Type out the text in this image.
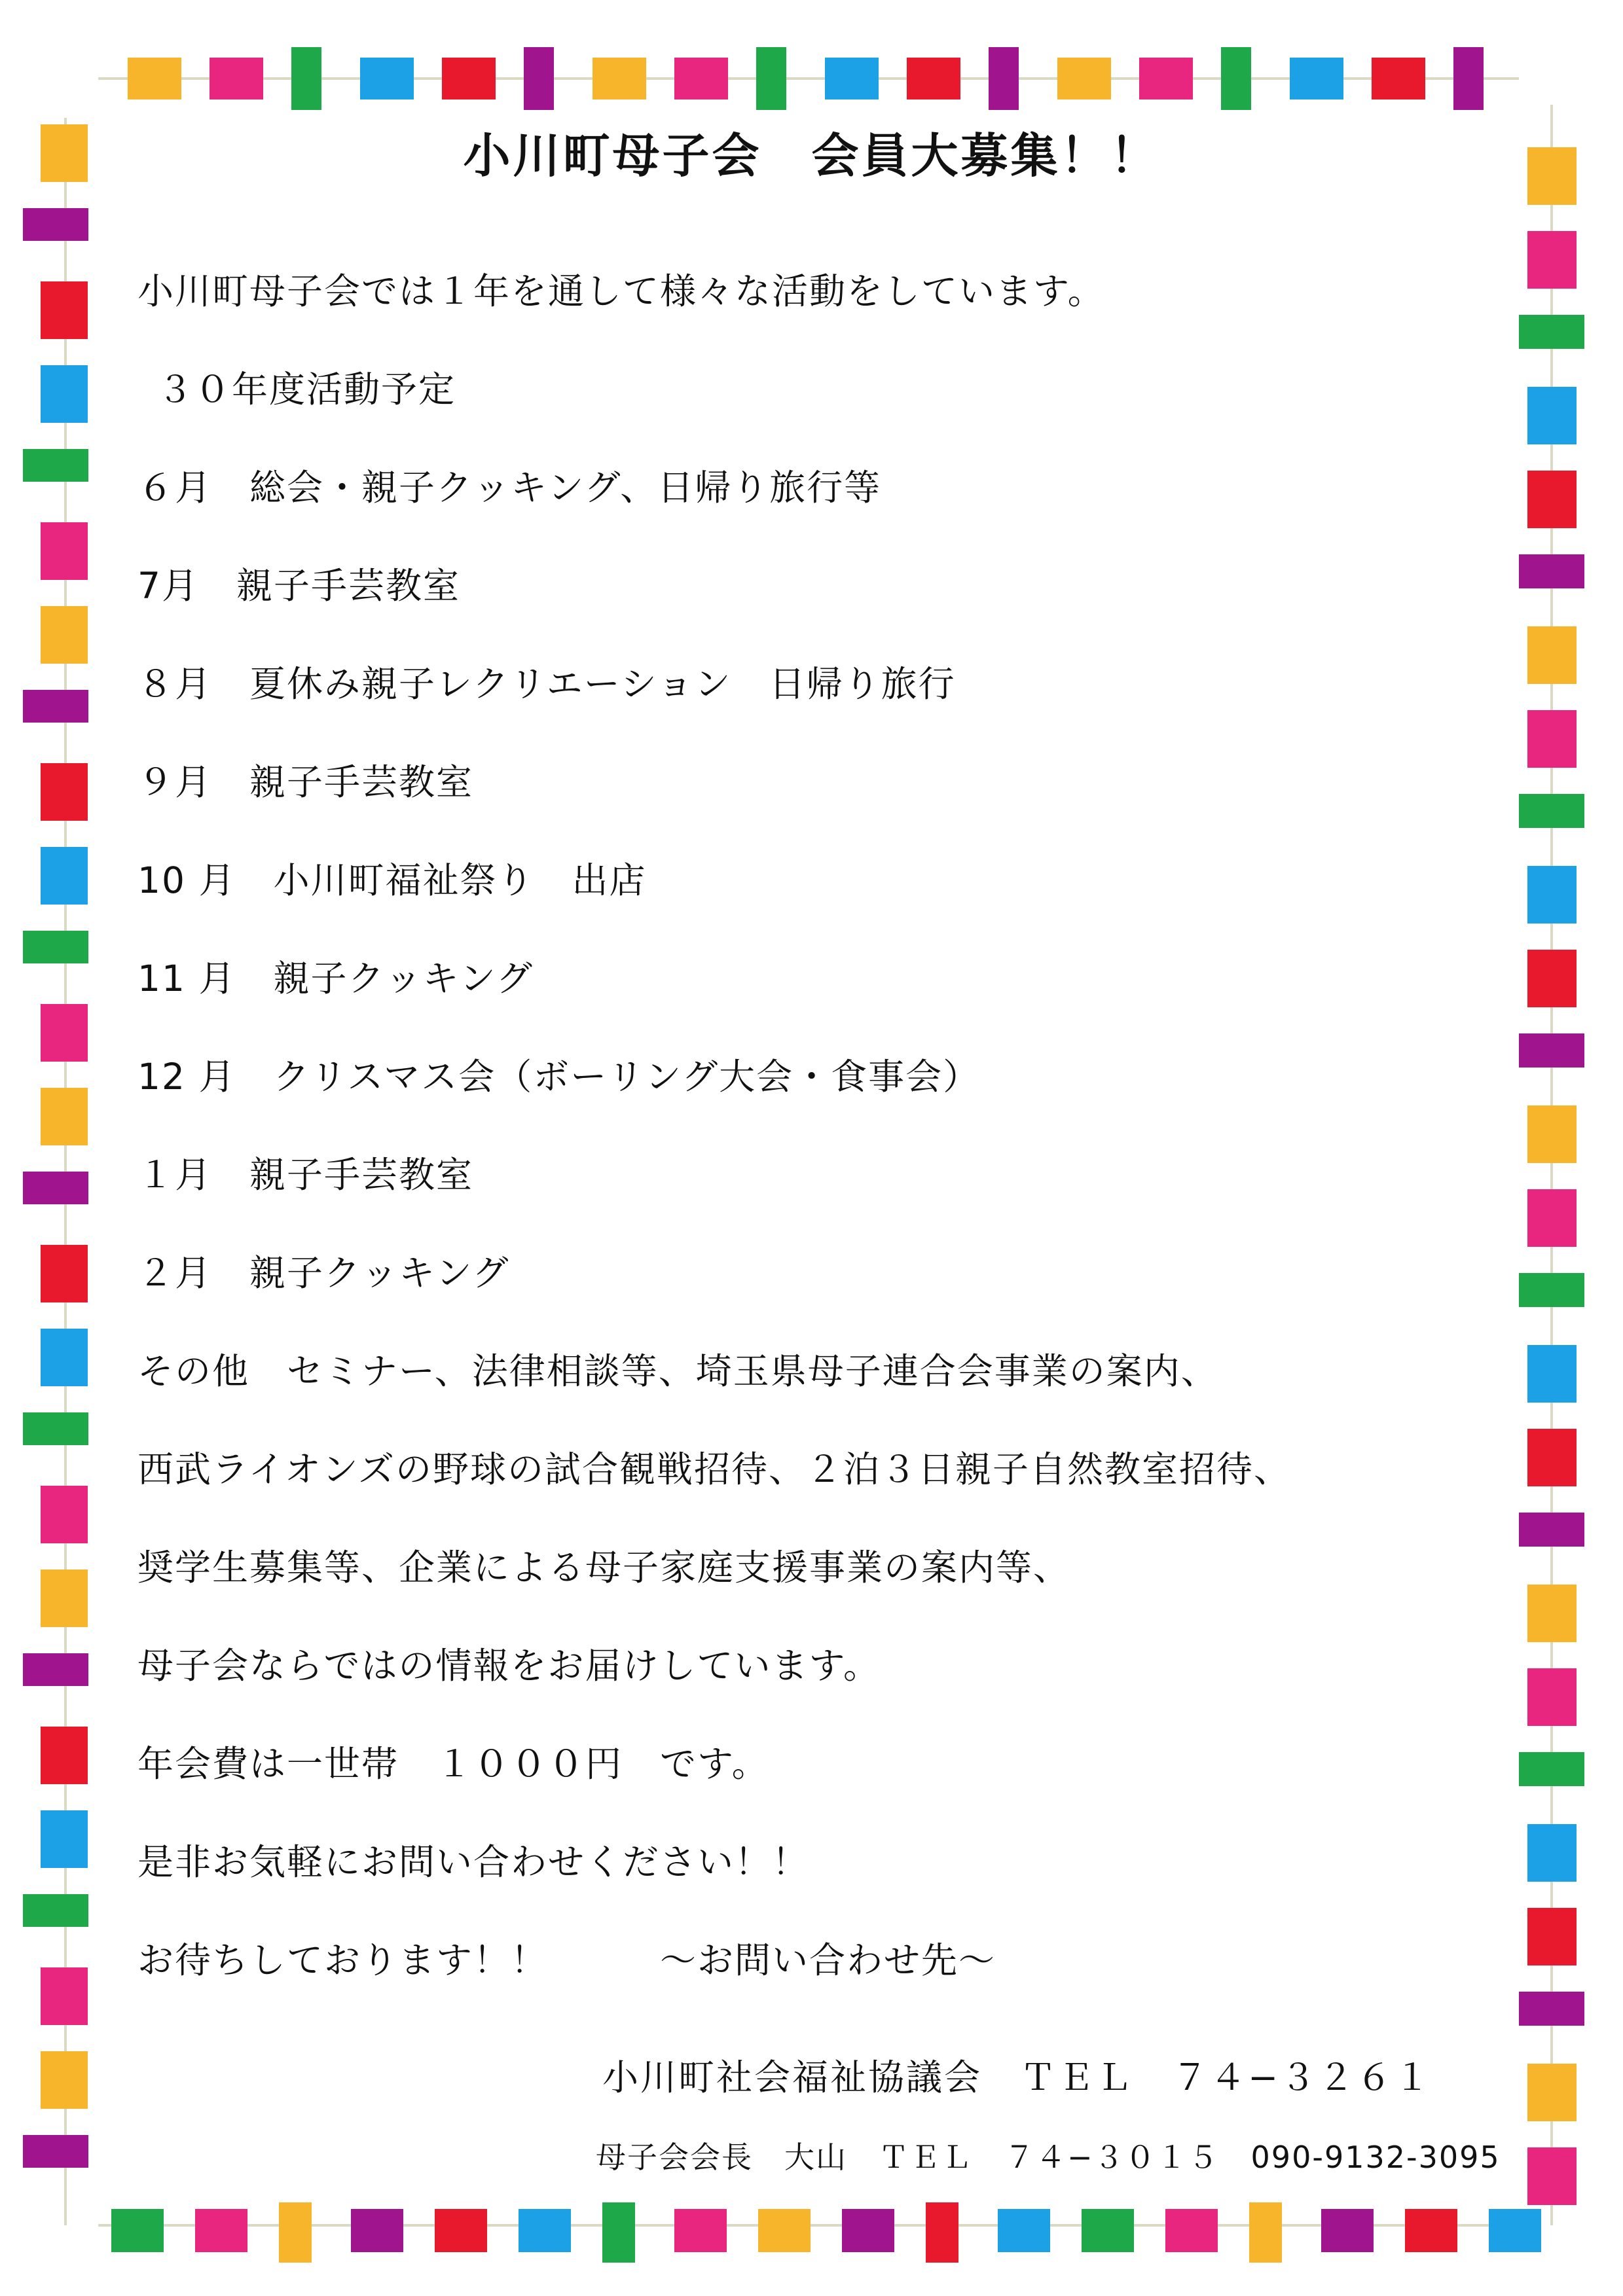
小川町母子会　会員大募集！！
小川町母子会では１年を通して様々な活動をしています。
３０年度活動予定
６月　総会・親子クッキング、日帰り旅行等
7月　親子手芸教室
８月　夏休み親子レクリエーション　日帰り旅行
９月　親子手芸教室
10 月　小川町福祉祭り　出店
11 月　親子クッキング
12 月　クリスマス会（ボーリング大会・食事会）
１月　親子手芸教室
２月　親子クッキング
その他　セミナー、法律相談等、埼玉県母子連合会事業の案内、
西武ライオンズの野球の試合観戦招待、２泊３日親子自然教室招待、
奨学生募集等、企業による母子家庭支援事業の案内等、
母子会ならではの情報をお届けしています。
年会費は一世帯　１０００円　です。
是非お気軽にお問い合わせください！！
お待ちしております！！　　　〜お問い合わせ先〜
小川町社会福祉協議会　ＴＥＬ　７４−３２６１
母子会会長　大山　ＴＥＬ　７４−３０１５　090-9132-3095
